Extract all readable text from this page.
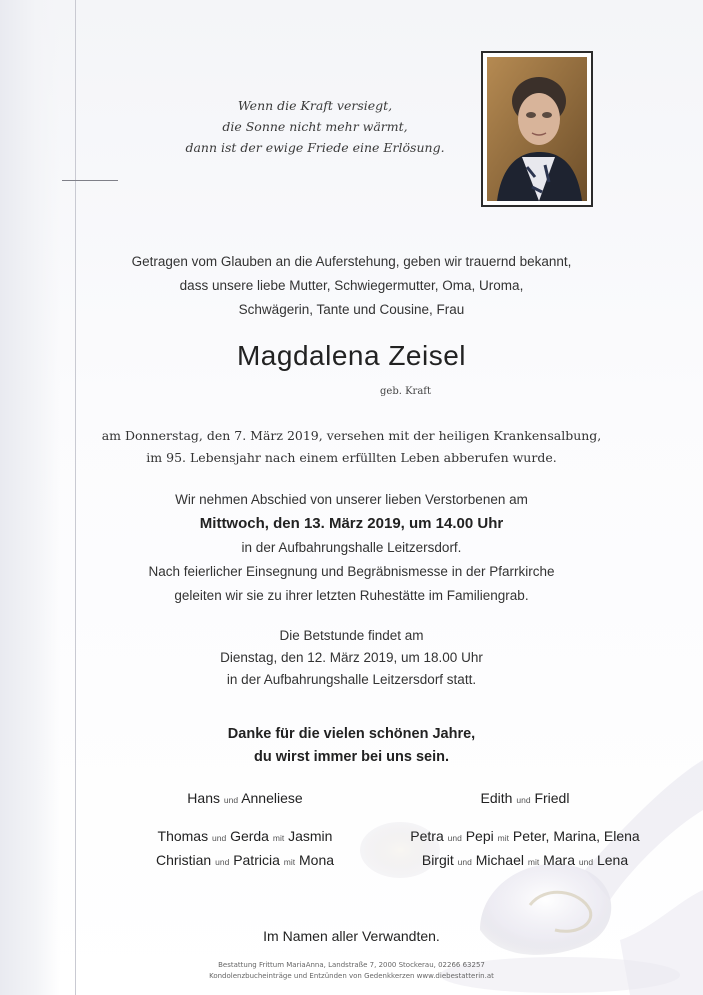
Wenn die Kraft versiegt,
die Sonne nicht mehr wärmt,
dann ist der ewige Friede eine Erlösung.
Getragen vom Glauben an die Auferstehung, geben wir trauernd bekannt,
dass unsere liebe Mutter, Schwiegermutter, Oma, Uroma,
Schwägerin, Tante und Cousine, Frau
Magdalena Zeisel
geb. Kraft
am Donnerstag, den 7. März 2019, versehen mit der heiligen Krankensalbung,
im 95. Lebensjahr nach einem erfüllten Leben abberufen wurde.
Wir nehmen Abschied von unserer lieben Verstorbenen am
Mittwoch, den 13. März 2019, um 14.00 Uhr
in der Aufbahrungshalle Leitzersdorf.
Nach feierlicher Einsegnung und Begräbnismesse in der Pfarrkirche
geleiten wir sie zu ihrer letzten Ruhestätte im Familiengrab.
Die Betstunde findet am
Dienstag, den 12. März 2019, um 18.00 Uhr
in der Aufbahrungshalle Leitzersdorf statt.
Danke für die vielen schönen Jahre,
du wirst immer bei uns sein.
Hans und Anneliese
Thomas und Gerda mit Jasmin
Christian und Patricia mit Mona
Edith und Friedl
Petra und Pepi mit Peter, Marina, Elena
Birgit und Michael mit Mara und Lena
Im Namen aller Verwandten.
Bestattung Frittum MariaAnna, Landstraße 7, 2000 Stockerau, 02266 63257
Kondolenzbucheinträge und Entzünden von Gedenkkerzen www.diebestatterin.at
